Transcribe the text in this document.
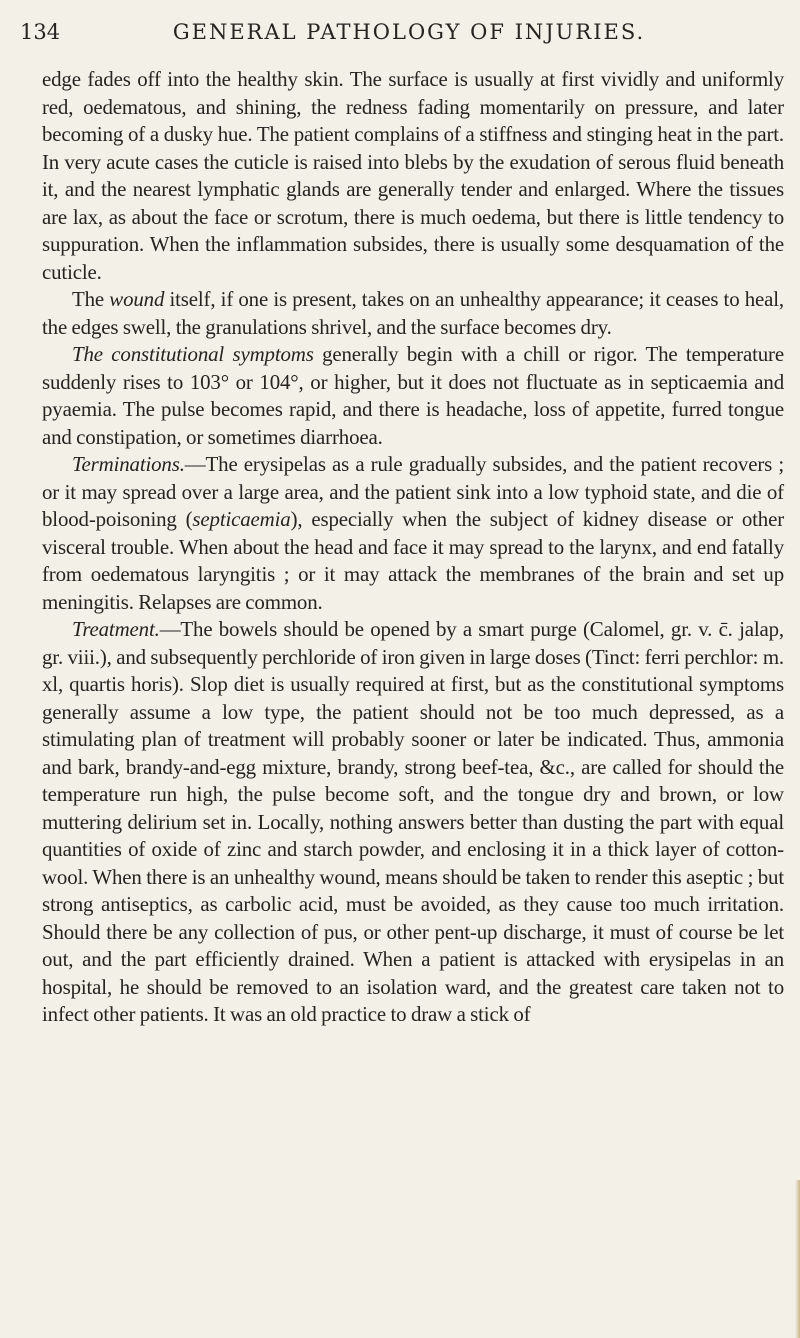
134	GENERAL PATHOLOGY OF INJURIES.

edge fades off into the healthy skin. The surface is usually at first vividly and uniformly red, oedematous, and shining, the redness fading momentarily on pressure, and later becoming of a dusky hue. The patient complains of a stiffness and stinging heat in the part. In very acute cases the cuticle is raised into blebs by the exudation of serous fluid beneath it, and the nearest lymphatic glands are generally tender and enlarged. Where the tissues are lax, as about the face or scrotum, there is much oedema, but there is little tendency to suppuration. When the inflammation subsides, there is usually some desquamation of the cuticle.

The wound itself, if one is present, takes on an unhealthy appearance; it ceases to heal, the edges swell, the granulations shrivel, and the surface becomes dry.

The constitutional symptoms generally begin with a chill or rigor. The temperature suddenly rises to 103° or 104°, or higher, but it does not fluctuate as in septicaemia and pyaemia. The pulse becomes rapid, and there is headache, loss of appetite, furred tongue and constipation, or sometimes diarrhoea.

Terminations.—The erysipelas as a rule gradually subsides, and the patient recovers ; or it may spread over a large area, and the patient sink into a low typhoid state, and die of blood-poisoning (septicaemia), especially when the subject of kidney disease or other visceral trouble. When about the head and face it may spread to the larynx, and end fatally from oedematous laryngitis ; or it may attack the membranes of the brain and set up meningitis. Relapses are common.

Treatment.—The bowels should be opened by a smart purge (Calomel, gr. v. c̄. jalap, gr. viii.), and subsequently perchloride of iron given in large doses (Tinct: ferri perchlor: m. xl, quartis horis). Slop diet is usually required at first, but as the constitutional symptoms generally assume a low type, the patient should not be too much depressed, as a stimulating plan of treatment will probably sooner or later be indicated. Thus, ammonia and bark, brandy-and-egg mixture, brandy, strong beef-tea, &c., are called for should the temperature run high, the pulse become soft, and the tongue dry and brown, or low muttering delirium set in. Locally, nothing answers better than dusting the part with equal quantities of oxide of zinc and starch powder, and enclosing it in a thick layer of cotton-wool. When there is an unhealthy wound, means should be taken to render this aseptic ; but strong antiseptics, as carbolic acid, must be avoided, as they cause too much irritation. Should there be any collection of pus, or other pent-up discharge, it must of course be let out, and the part efficiently drained. When a patient is attacked with erysipelas in an hospital, he should be removed to an isolation ward, and the greatest care taken not to infect other patients. It was an old practice to draw a stick of
